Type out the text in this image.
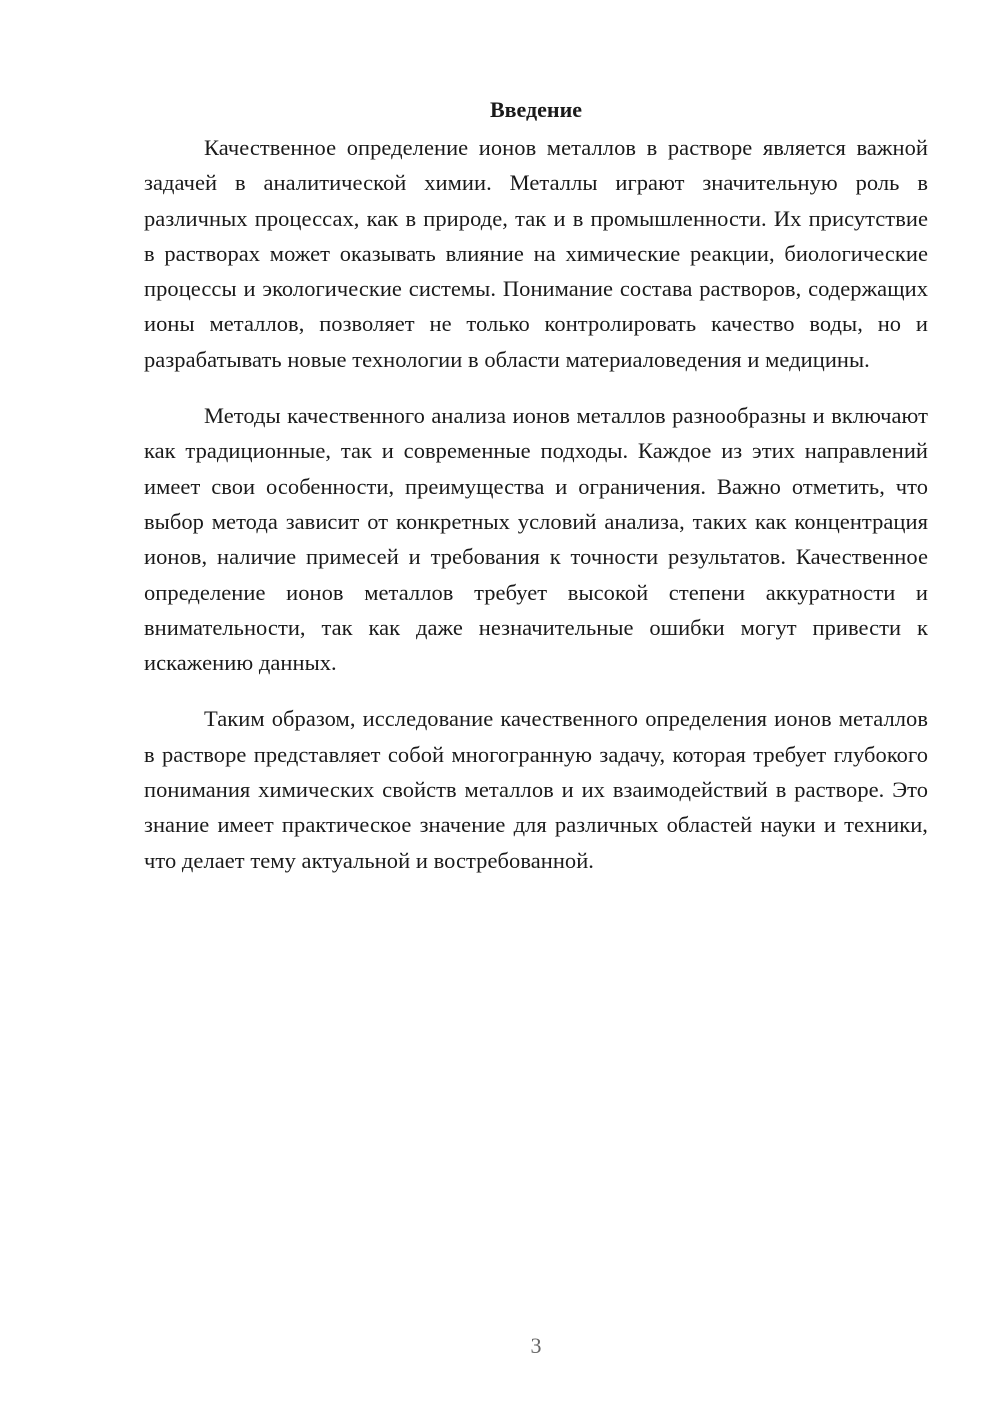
Введение

Качественное определение ионов металлов в растворе является важной задачей в аналитической химии. Металлы играют значительную роль в различных процессах, как в природе, так и в промышленности. Их присутствие в растворах может оказывать влияние на химические реакции, биологические процессы и экологические системы. Понимание состава растворов, содержащих ионы металлов, позволяет не только контролировать качество воды, но и разрабатывать новые технологии в области материаловедения и медицины.

Методы качественного анализа ионов металлов разнообразны и включают как традиционные, так и современные подходы. Каждое из этих направлений имеет свои особенности, преимущества и ограничения. Важно отметить, что выбор метода зависит от конкретных условий анализа, таких как концентрация ионов, наличие примесей и требования к точности результатов. Качественное определение ионов металлов требует высокой степени аккуратности и внимательности, так как даже незначительные ошибки могут привести к искажению данных.

Таким образом, исследование качественного определения ионов металлов в растворе представляет собой многогранную задачу, которая требует глубокого понимания химических свойств металлов и их взаимодействий в растворе. Это знание имеет практическое значение для различных областей науки и техники, что делает тему актуальной и востребованной.

3
